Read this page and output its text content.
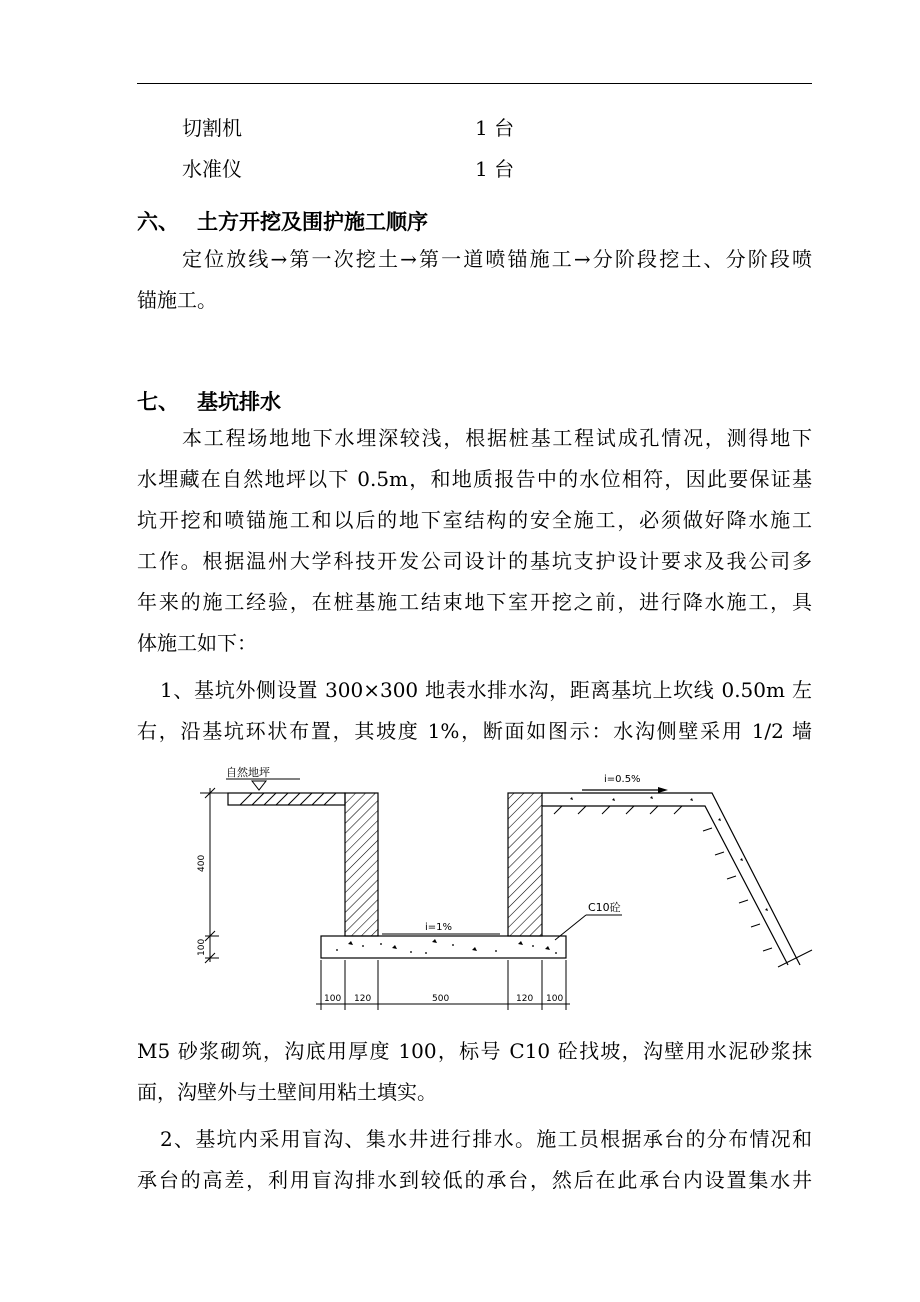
切割机	1 台
水准仪	1 台
六、 土方开挖及围护施工顺序
定位放线→第一次挖土→第一道喷锚施工→分阶段挖土、分阶段喷
锚施工。
七、 基坑排水
本工程场地地下水埋深较浅，根据桩基工程试成孔情况，测得地下
水埋藏在自然地坪以下 0.5m，和地质报告中的水位相符，因此要保证基
坑开挖和喷锚施工和以后的地下室结构的安全施工，必须做好降水施工
工作。根据温州大学科技开发公司设计的基坑支护设计要求及我公司多
年来的施工经验，在桩基施工结束地下室开挖之前，进行降水施工，具
体施工如下：
1、基坑外侧设置 300×300 地表水排水沟，距离基坑上坎线 0.50m 左
右，沿基坑环状布置，其坡度 1%，断面如图示：水沟侧壁采用 1/2 墙
自然地坪
i=1%
C10砼
i=0.5%
400
100
100 120	500	120 100
M5 砂浆砌筑，沟底用厚度 100，标号 C10 砼找坡，沟壁用水泥砂浆抹
面，沟壁外与土壁间用粘土填实。
2、基坑内采用盲沟、集水井进行排水。施工员根据承台的分布情况和
承台的高差，利用盲沟排水到较低的承台，然后在此承台内设置集水井
